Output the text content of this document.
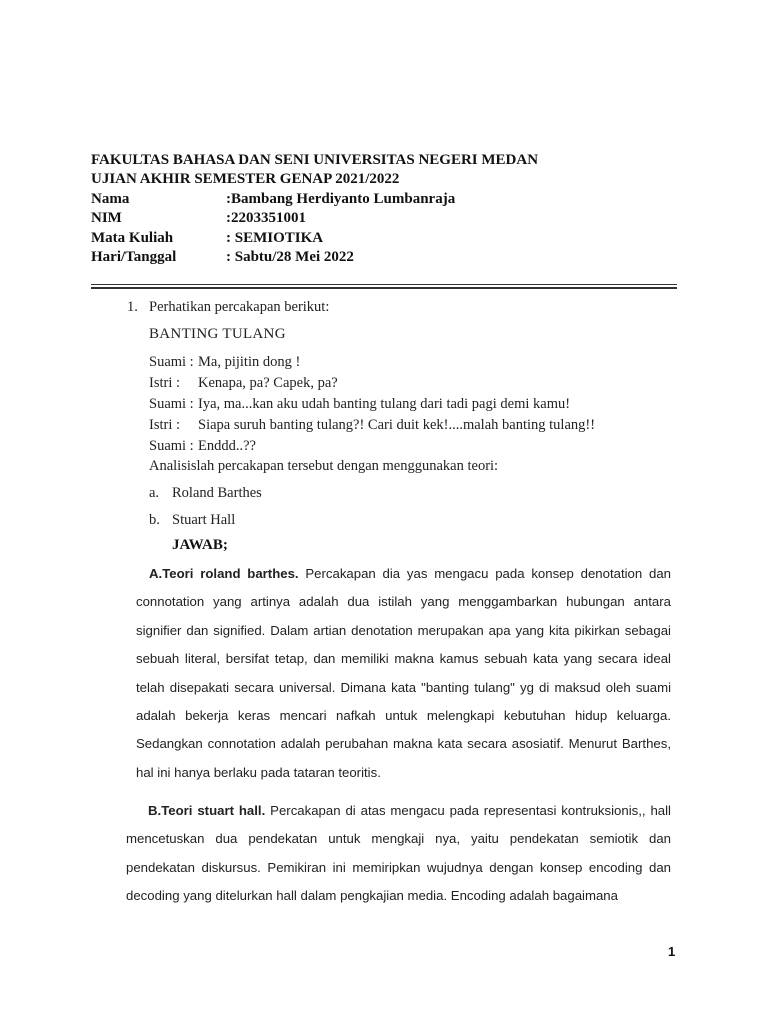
FAKULTAS BAHASA DAN SENI UNIVERSITAS NEGERI MEDAN
UJIAN AKHIR SEMESTER GENAP 2021/2022
Nama	:Bambang Herdiyanto Lumbanraja
NIM	:2203351001
Mata Kuliah	: SEMIOTIKA
Hari/Tanggal	: Sabtu/28 Mei 2022
1. Perhatikan percakapan berikut:
BANTING TULANG
Suami : Ma, pijitin dong !
Istri : Kenapa, pa? Capek, pa?
Suami : Iya, ma...kan aku udah banting tulang dari tadi pagi demi kamu!
Istri : Siapa suruh banting tulang?! Cari duit kek!....malah banting tulang!!
Suami : Enddd..??
Analisislah percakapan tersebut dengan menggunakan teori:
a. Roland Barthes
b. Stuart Hall
JAWAB;
A.Teori roland barthes. Percakapan dia yas mengacu pada konsep denotation dan connotation yang artinya adalah dua istilah yang menggambarkan hubungan antara signifier dan signified. Dalam artian denotation merupakan apa yang kita pikirkan sebagai sebuah literal, bersifat tetap, dan memiliki makna kamus sebuah kata yang secara ideal telah disepakati secara universal. Dimana kata "banting tulang" yg di maksud oleh suami adalah bekerja keras mencari nafkah untuk melengkapi kebutuhan hidup keluarga. Sedangkan connotation adalah perubahan makna kata secara asosiatif. Menurut Barthes, hal ini hanya berlaku pada tataran teoritis.
B.Teori stuart hall. Percakapan di atas mengacu pada representasi kontruksionis,, hall mencetuskan dua pendekatan untuk mengkaji nya, yaitu pendekatan semiotik dan pendekatan diskursus. Pemikiran ini memiripkan wujudnya dengan konsep encoding dan decoding yang ditelurkan hall dalam pengkajian media. Encoding adalah bagaimana
1
